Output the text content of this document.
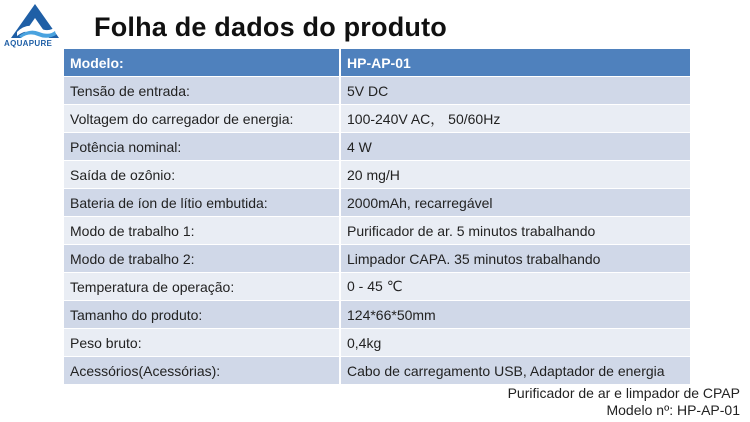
AQUAPURE
Folha de dados do produto
Modelo:	HP-AP-01
Tensão de entrada:	5V DC
Voltagem do carregador de energia:	100-240V AC， 50/60Hz
Potência nominal:	4 W
Saída de ozônio:	20 mg/H
Bateria de íon de lítio embutida:	2000mAh, recarregável
Modo de trabalho 1:	Purificador de ar. 5 minutos trabalhando
Modo de trabalho 2:	Limpador CAPA. 35 minutos trabalhando
Temperatura de operação:	0 - 45 ℃
Tamanho do produto:	124*66*50mm
Peso bruto:	0,4kg
Acessórios(Acessórias):	Cabo de carregamento USB, Adaptador de energia
Purificador de ar e limpador de CPAP
Modelo nº: HP-AP-01
